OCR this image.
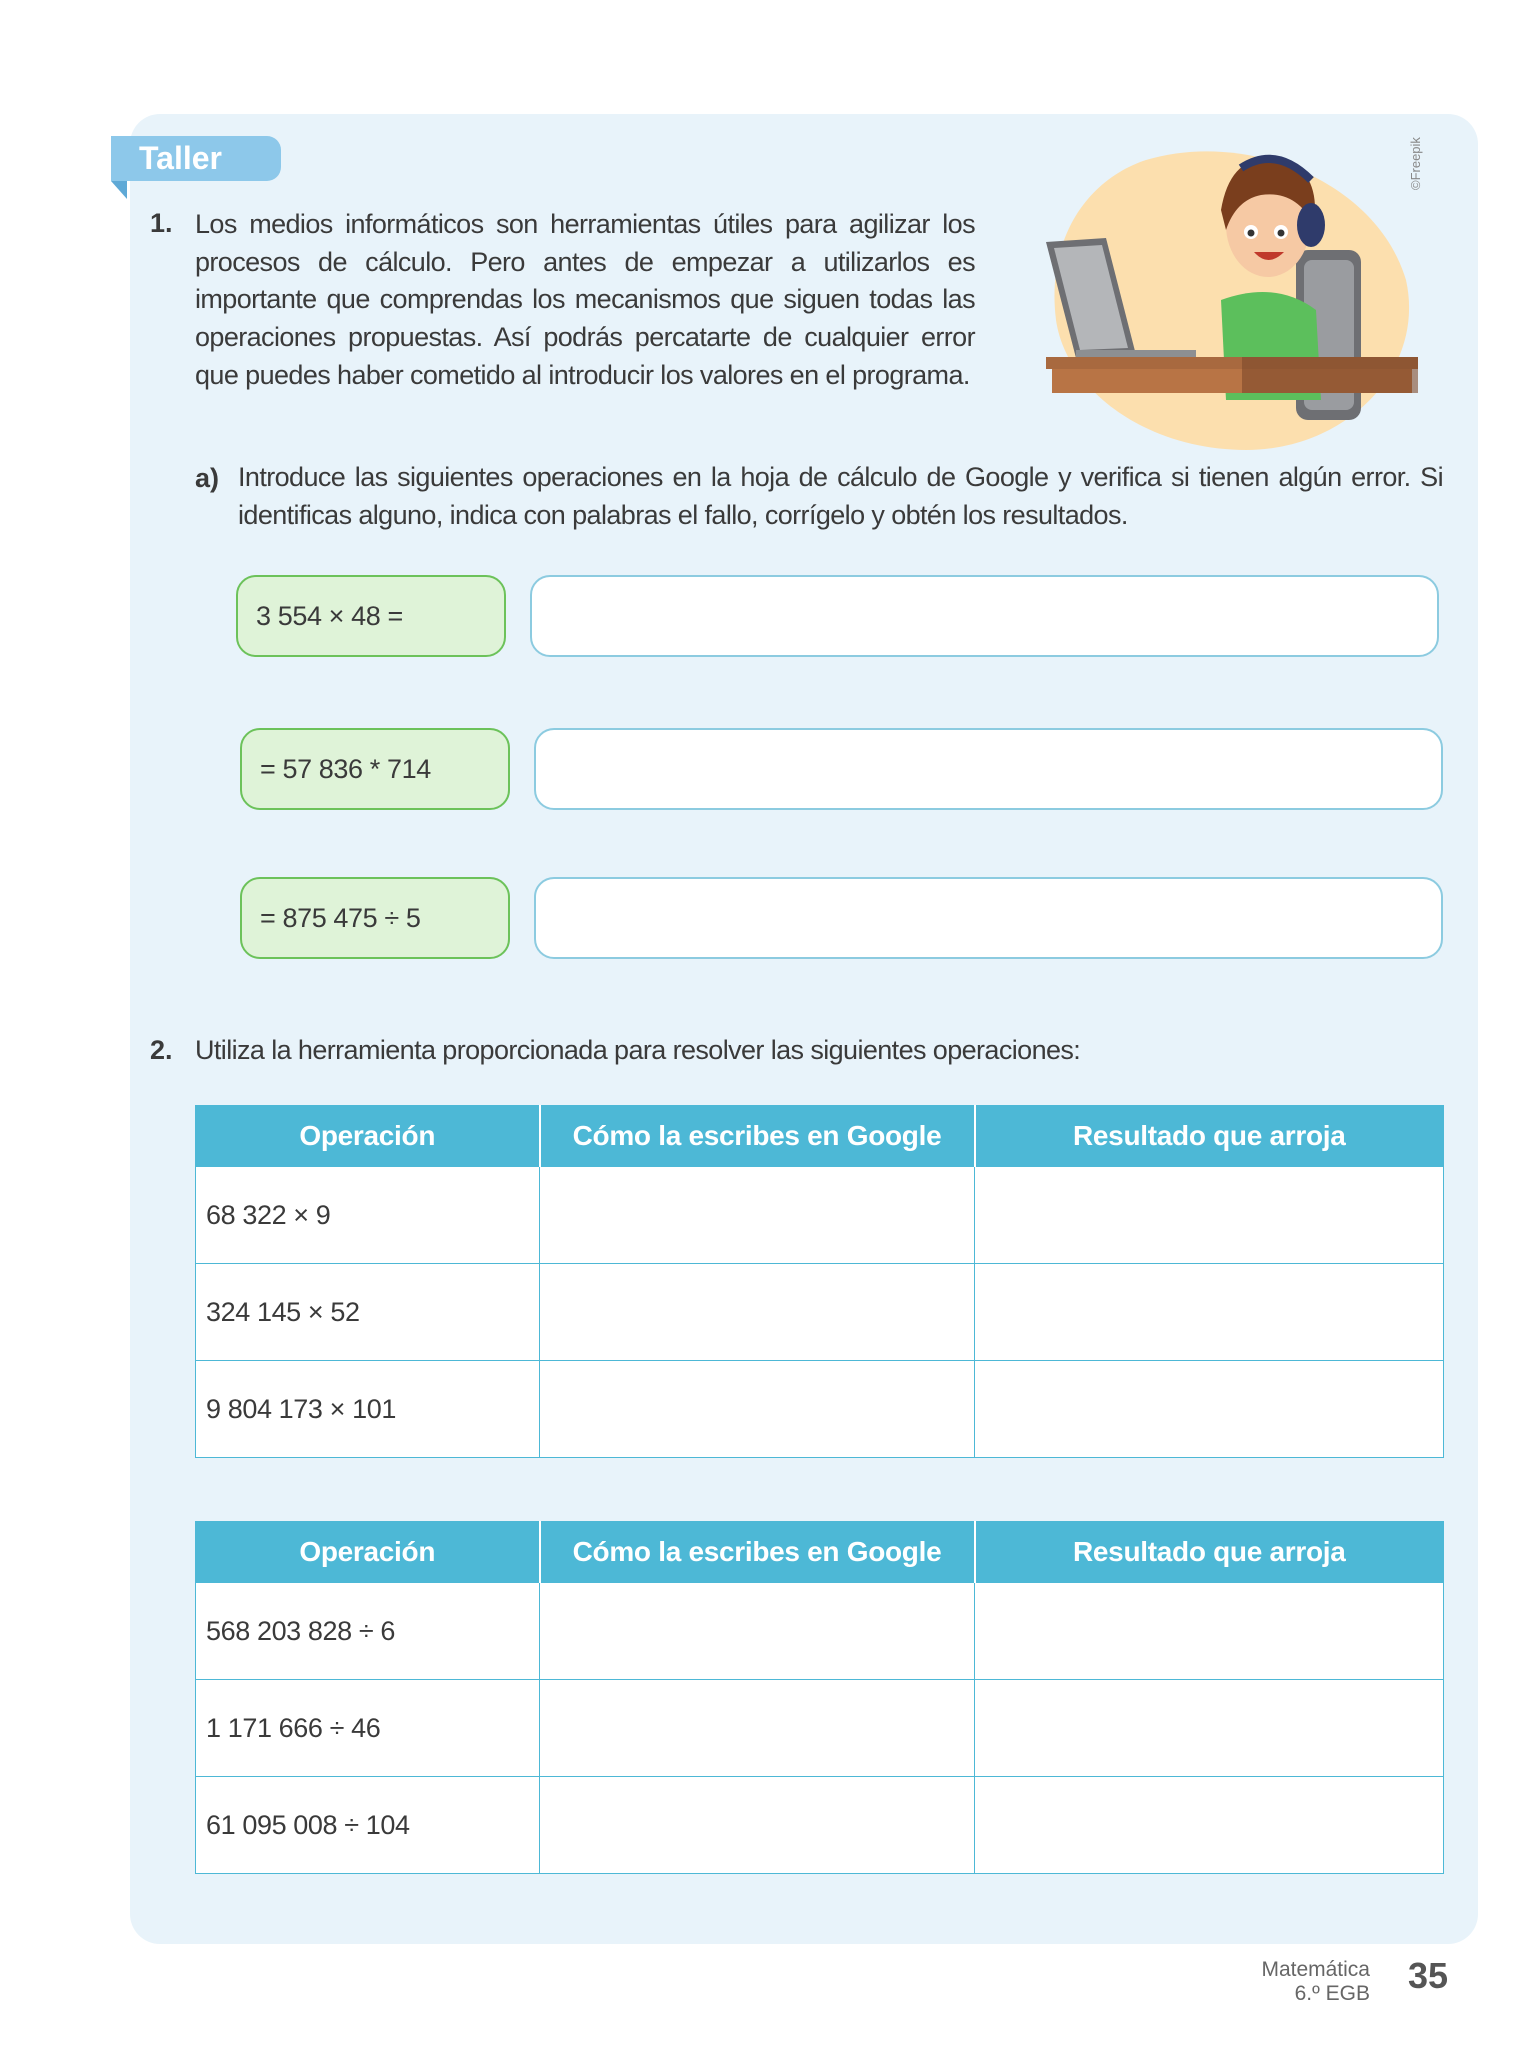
Taller
1. Los medios informáticos son herramientas útiles para agilizar los procesos de cálculo. Pero antes de empezar a utilizarlos es importante que comprendas los mecanismos que siguen todas las operaciones propuestas. Así podrás percatarte de cualquier error que puedes haber cometido al introducir los valores en el programa.
©Freepik
a) Introduce las siguientes operaciones en la hoja de cálculo de Google y verifica si tienen algún error. Si identificas alguno, indica con palabras el fallo, corrígelo y obtén los resultados.
3 554 × 48 =
= 57 836 * 714
= 875 475 ÷ 5
2. Utiliza la herramienta proporcionada para resolver las siguientes operaciones:
Operación	Cómo la escribes en Google	Resultado que arroja
68 322 × 9		
324 145 × 52		
9 804 173 × 101		
Operación	Cómo la escribes en Google	Resultado que arroja
568 203 828 ÷ 6		
1 171 666 ÷ 46		
61 095 008 ÷ 104		
Matemática
6.º EGB 35
